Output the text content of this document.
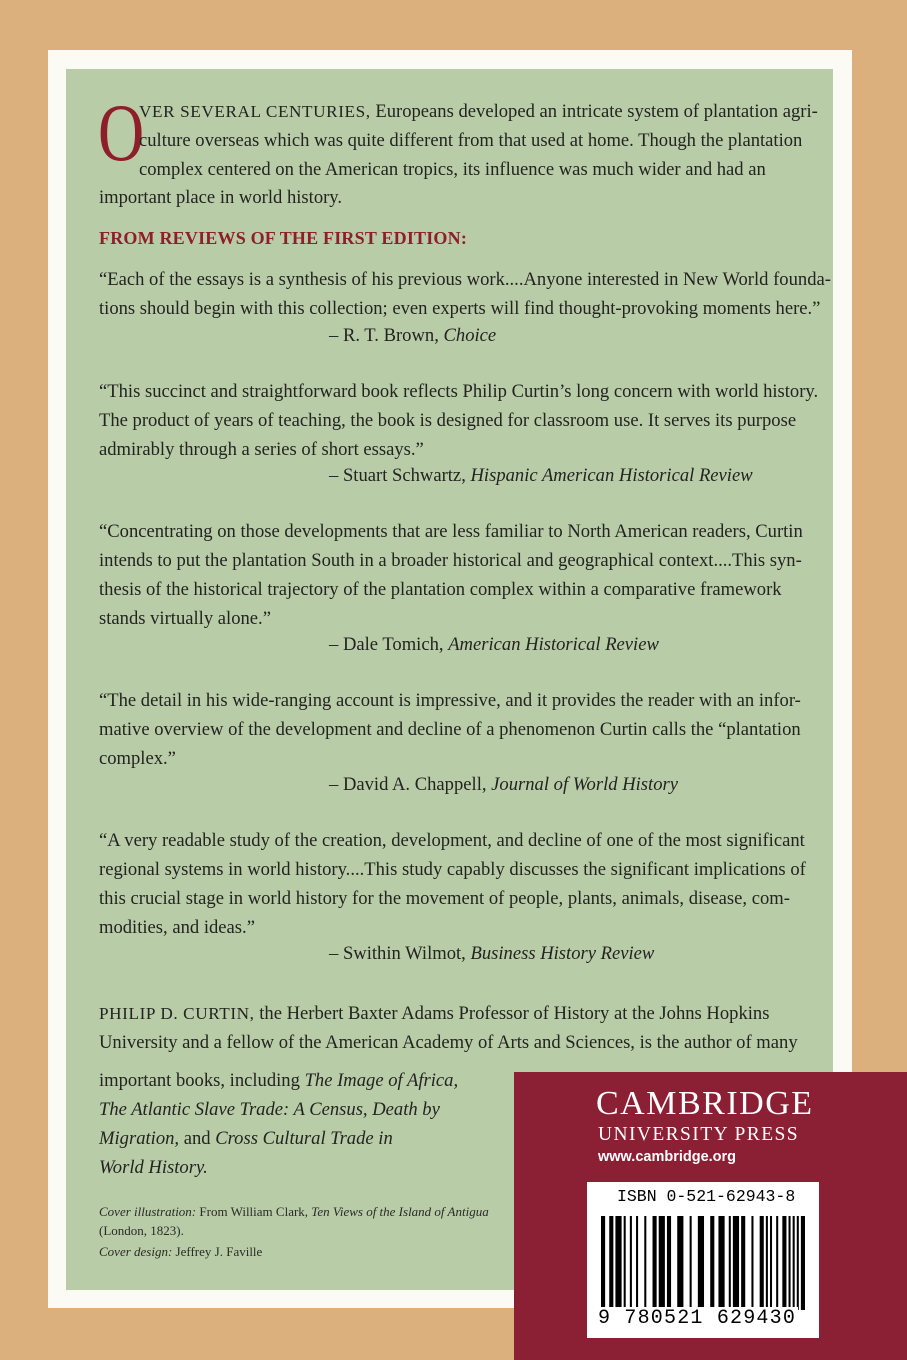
O
VER SEVERAL CENTURIES, Europeans developed an intricate system of plantation agri-
culture overseas which was quite different from that used at home. Though the plantation
complex centered on the American tropics, its influence was much wider and had an
important place in world history.
FROM REVIEWS OF THE FIRST EDITION:
“Each of the essays is a synthesis of his previous work....Anyone interested in New World founda-
tions should begin with this collection; even experts will find thought-provoking moments here.”
– R. T. Brown, Choice
“This succinct and straightforward book reflects Philip Curtin’s long concern with world history.
The product of years of teaching, the book is designed for classroom use. It serves its purpose
admirably through a series of short essays.”
– Stuart Schwartz, Hispanic American Historical Review
“Concentrating on those developments that are less familiar to North American readers, Curtin
intends to put the plantation South in a broader historical and geographical context....This syn-
thesis of the historical trajectory of the plantation complex within a comparative framework
stands virtually alone.”
– Dale Tomich, American Historical Review
“The detail in his wide-ranging account is impressive, and it provides the reader with an infor-
mative overview of the development and decline of a phenomenon Curtin calls the “plantation
complex.”
– David A. Chappell, Journal of World History
“A very readable study of the creation, development, and decline of one of the most significant
regional systems in world history....This study capably discusses the significant implications of
this crucial stage in world history for the movement of people, plants, animals, disease, com-
modities, and ideas.”
– Swithin Wilmot, Business History Review
PHILIP D. CURTIN, the Herbert Baxter Adams Professor of History at the Johns Hopkins
University and a fellow of the American Academy of Arts and Sciences, is the author of many
important books, including The Image of Africa,
The Atlantic Slave Trade: A Census, Death by
Migration, and Cross Cultural Trade in
World History.
Cover illustration: From William Clark, Ten Views of the Island of Antigua
(London, 1823).
Cover design: Jeffrey J. Faville
CAMBRIDGE
UNIVERSITY PRESS
www.cambridge.org
ISBN 0-521-62943-8
9 780521 629430
